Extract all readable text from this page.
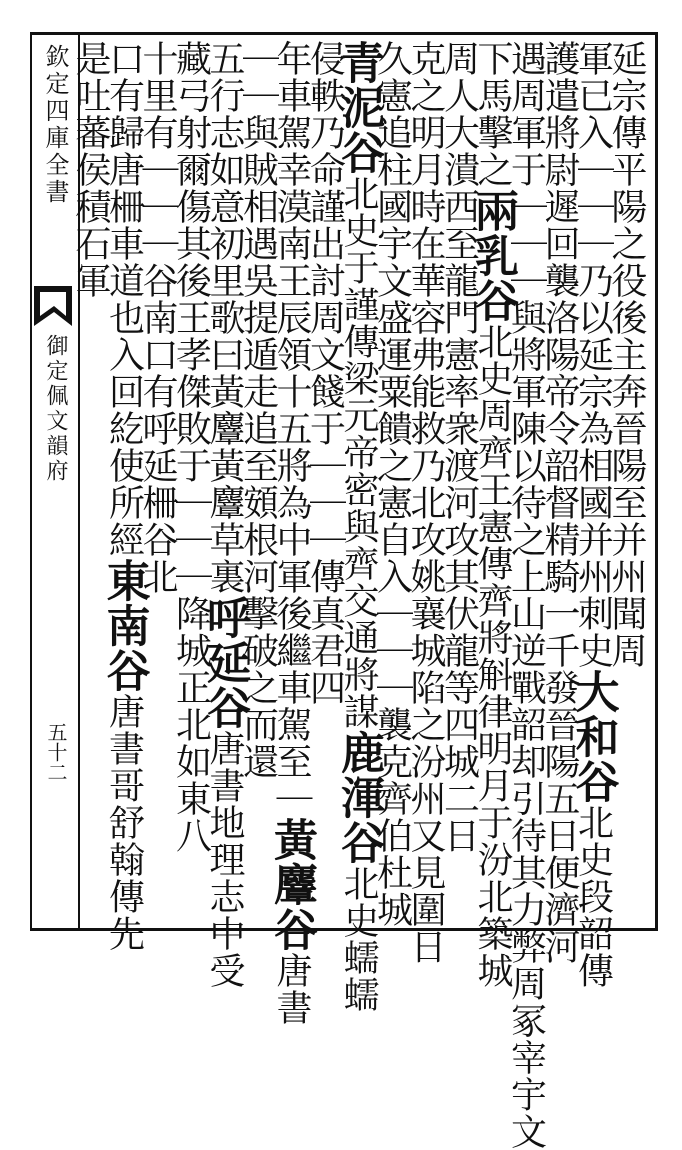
欽定四庫全書
御定佩文韻府
五十二
延宗傳平陽之役後主奔晉陽至并州聞周
軍已入｜｜｜乃以延宗為相國并州刺史大和谷北史段韶傳
護遣將尉遲回襲洛陽帝令韶督精騎一千發晉陽五日便濟河
遇周軍于｜｜｜與將軍陳以待之上山逆戰韶却引待其力弊周冢宰宇文
下馬擊之兩乳谷北史周齊王憲傳齊將斛律明月于汾北築城
周人大潰西至龍門憲率衆渡河攻其伏龍等四城二日
克之明月時在華容弗能救乃北攻姚襄城陷之汾州又見圍日
久憲追柱國宇文盛運粟饋之憲自入｜｜｜襲克齊伯杜城
青泥谷北史于謹傳梁元帝密與齊交通將謀鹿渾谷北史蠕蠕
侵軼乃命謹出討周文餞于｜｜｜傳真君四
年車駕幸漠南王辰領十五將為中軍後繼車駕至｜黃麞谷唐書
｜｜與賊相遇吳提遁走追至頞根河擊破之而還
五行志如意初里歌曰黃麞黃麞草裏呼延谷唐書地理志中受
藏弓射爾傷其後王孝傑敗于｜｜｜降城正北如東八
十里有｜｜｜谷南口有呼延柵谷北
口有歸唐柵車道也入回紇使所經東南谷唐書哥舒翰傳先
是吐蕃侯積石軍
